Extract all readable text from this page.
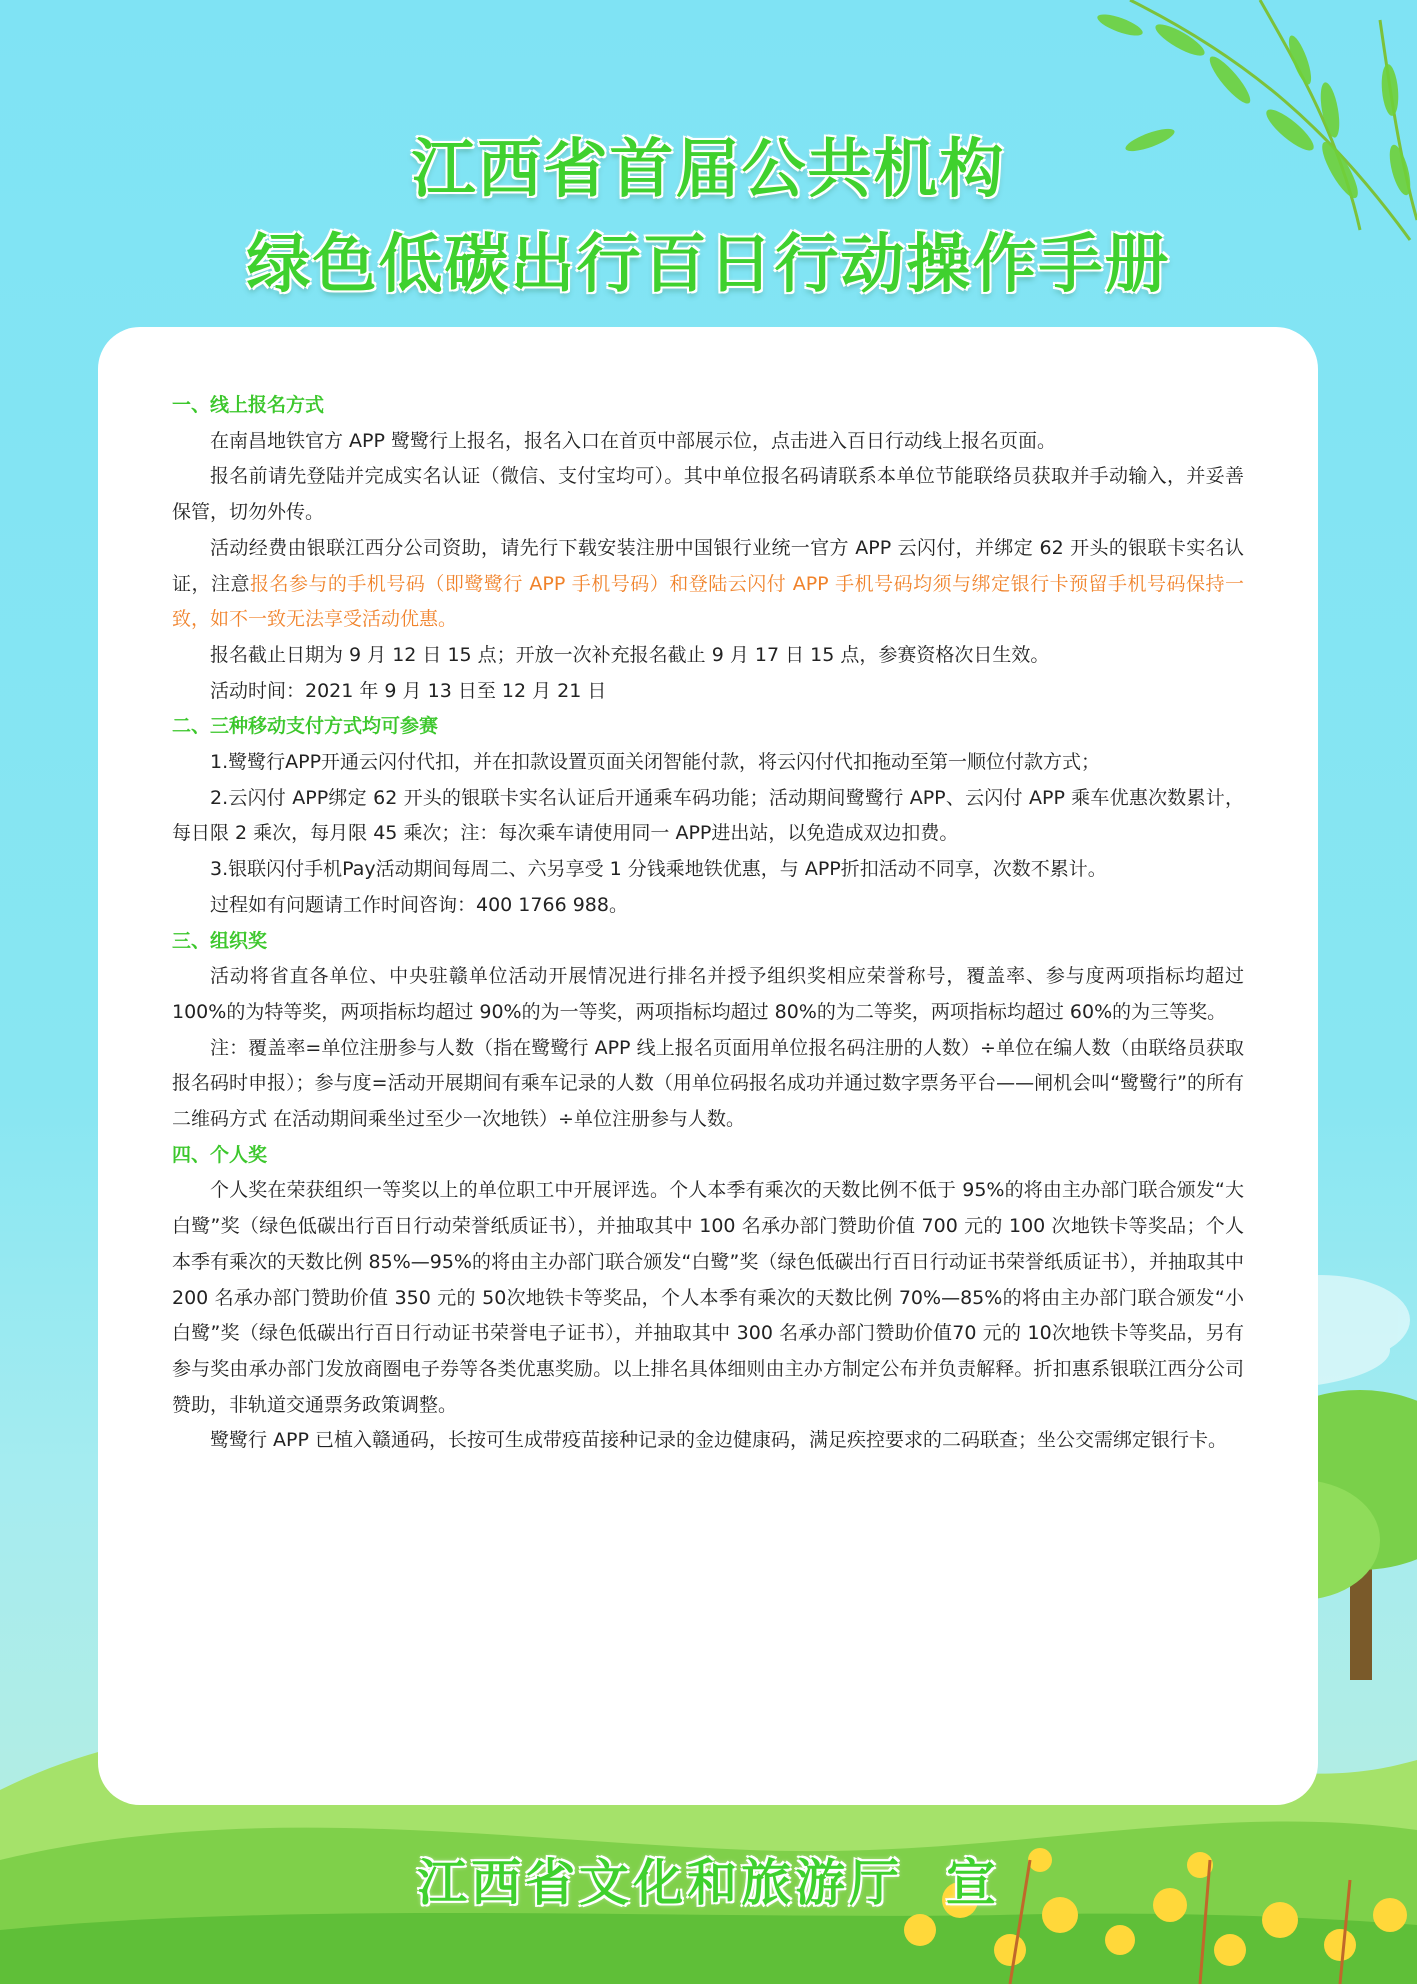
江西省首届公共机构
绿色低碳出行百日行动操作手册

一、线上报名方式

在南昌地铁官方 APP 鹭鹭行上报名，报名入口在首页中部展示位，点击进入百日行动线上报名页面。

报名前请先登陆并完成实名认证（微信、支付宝均可）。其中单位报名码请联系本单位节能联络员获取并手动输入，并妥善保管，切勿外传。

活动经费由银联江西分公司资助，请先行下载安装注册中国银行业统一官方 APP 云闪付，并绑定 62 开头的银联卡实名认证，注意报名参与的手机号码（即鹭鹭行 APP 手机号码）和登陆云闪付 APP 手机号码均须与绑定银行卡预留手机号码保持一致，如不一致无法享受活动优惠。

报名截止日期为 9 月 12 日 15 点；开放一次补充报名截止 9 月 17 日 15 点，参赛资格次日生效。

活动时间：2021 年 9 月 13 日至 12 月 21 日

二、三种移动支付方式均可参赛

1.鹭鹭行APP开通云闪付代扣，并在扣款设置页面关闭智能付款，将云闪付代扣拖动至第一顺位付款方式；

2.云闪付 APP绑定 62 开头的银联卡实名认证后开通乘车码功能；活动期间鹭鹭行 APP、云闪付 APP 乘车优惠次数累计，每日限 2 乘次，每月限 45 乘次；注：每次乘车请使用同一 APP进出站，以免造成双边扣费。

3.银联闪付手机Pay活动期间每周二、六另享受 1 分钱乘地铁优惠，与 APP折扣活动不同享，次数不累计。

过程如有问题请工作时间咨询：400 1766 988。

三、组织奖

活动将省直各单位、中央驻赣单位活动开展情况进行排名并授予组织奖相应荣誉称号，覆盖率、参与度两项指标均超过 100%的为特等奖，两项指标均超过 90%的为一等奖，两项指标均超过 80%的为二等奖，两项指标均超过 60%的为三等奖。

注：覆盖率=单位注册参与人数（指在鹭鹭行 APP 线上报名页面用单位报名码注册的人数）÷单位在编人数（由联络员获取报名码时申报）；参与度=活动开展期间有乘车记录的人数（用单位码报名成功并通过数字票务平台——闸机会叫“鹭鹭行”的所有二维码方式 在活动期间乘坐过至少一次地铁）÷单位注册参与人数。

四、个人奖

个人奖在荣获组织一等奖以上的单位职工中开展评选。个人本季有乘次的天数比例不低于 95%的将由主办部门联合颁发“大白鹭”奖（绿色低碳出行百日行动荣誉纸质证书），并抽取其中 100 名承办部门赞助价值 700 元的 100 次地铁卡等奖品；个人本季有乘次的天数比例 85%—95%的将由主办部门联合颁发“白鹭”奖（绿色低碳出行百日行动证书荣誉纸质证书），并抽取其中 200 名承办部门赞助价值 350 元的 50次地铁卡等奖品，个人本季有乘次的天数比例 70%—85%的将由主办部门联合颁发“小白鹭”奖（绿色低碳出行百日行动证书荣誉电子证书），并抽取其中 300 名承办部门赞助价值70 元的 10次地铁卡等奖品，另有参与奖由承办部门发放商圈电子券等各类优惠奖励。以上排名具体细则由主办方制定公布并负责解释。折扣惠系银联江西分公司赞助，非轨道交通票务政策调整。

鹭鹭行 APP 已植入赣通码，长按可生成带疫苗接种记录的金边健康码，满足疾控要求的二码联查；坐公交需绑定银行卡。

江西省文化和旅游厅 宣
